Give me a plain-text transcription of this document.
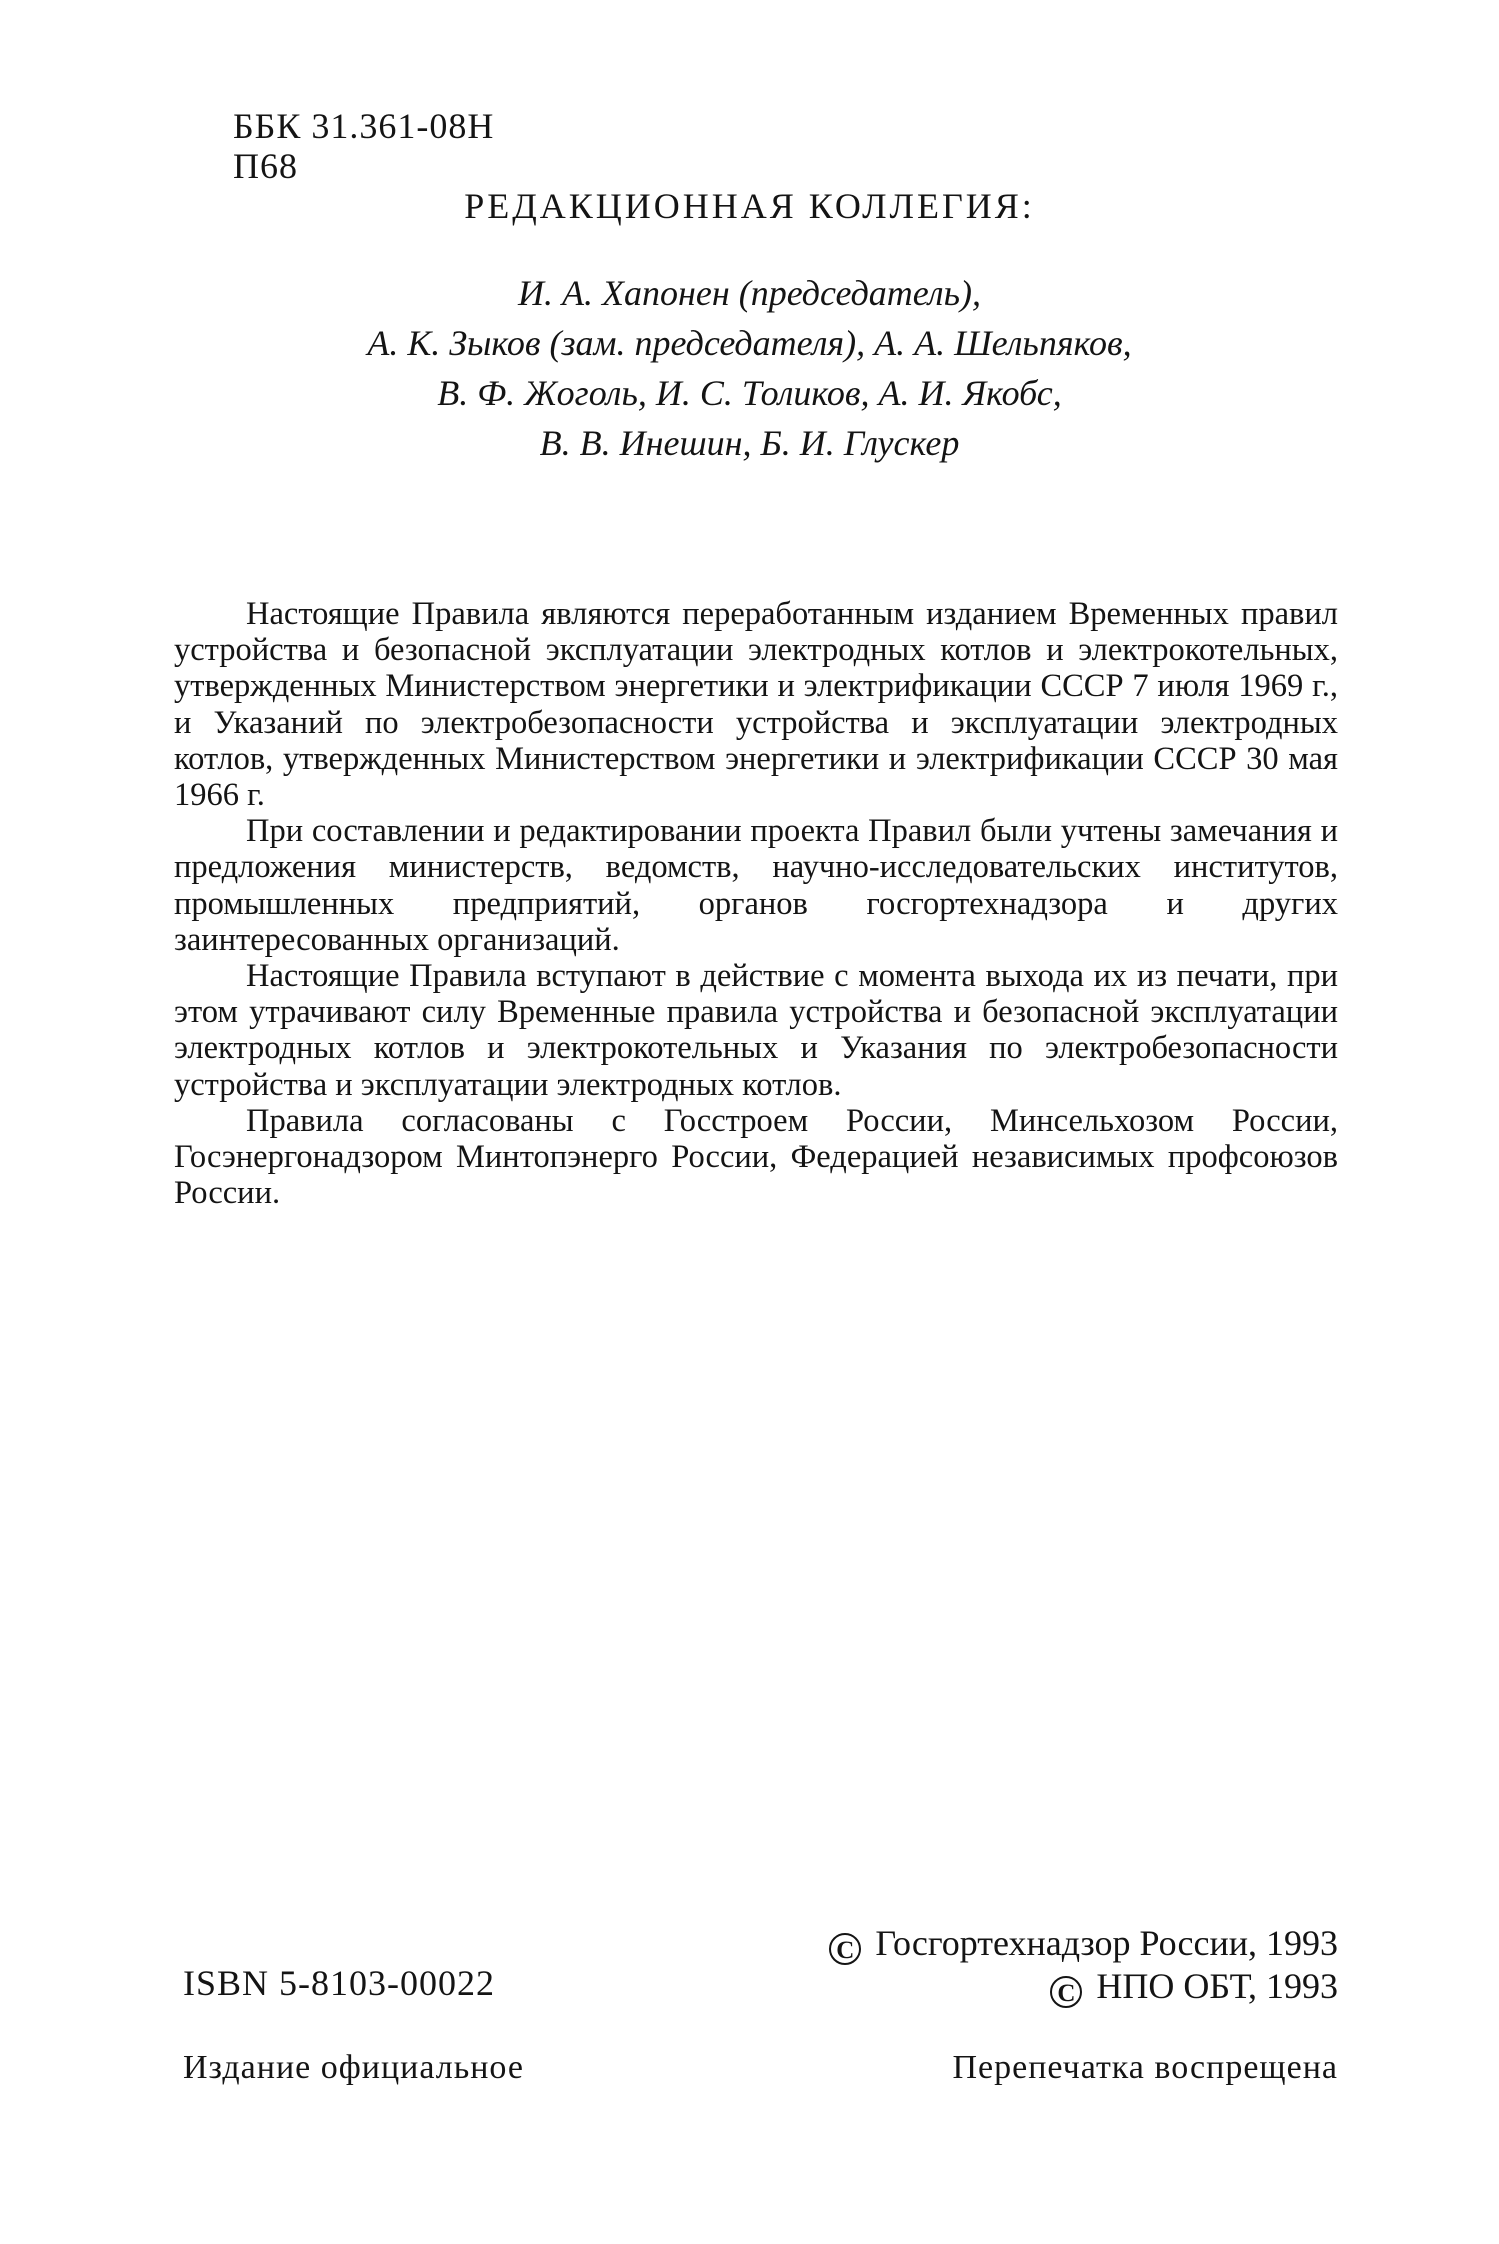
ББК 31.361-08Н
П68
РЕДАКЦИОННАЯ КОЛЛЕГИЯ:
И. А. Хапонен (председатель),
А. К. Зыков (зам. председателя), А. А. Шельпяков,
В. Ф. Жоголь, И. С. Толиков, А. И. Якобс,
В. В. Инешин, Б. И. Глускер

Настоящие Правила являются переработанным изданием Временных правил устройства и безопасной эксплуатации электродных котлов и электрокотельных, утвержденных Министерством энергетики и электрификации СССР 7 июля 1969 г., и Указаний по электробезопасности устройства и эксплуатации электродных котлов, утвержденных Министерством энергетики и электрификации СССР 30 мая 1966 г.

При составлении и редактировании проекта Правил были учтены замечания и предложения министерств, ведомств, научно-исследовательских институтов, промышленных предприятий, органов госгортехнадзора и других заинтересованных организаций.

Настоящие Правила вступают в действие с момента выхода их из печати, при этом утрачивают силу Временные правила устройства и безопасной эксплуатации электродных котлов и электрокотельных и Указания по электробезопасности устройства и эксплуатации электродных котлов.

Правила согласованы с Госстроем России, Минсельхозом России, Госэнергонадзором Минтопэнерго России, Федерацией независимых профсоюзов России.

C Госгортехнадзор России, 1993
C НПО ОБТ, 1993
ISBN 5-8103-00022
Издание официальное	Перепечатка воспрещена
